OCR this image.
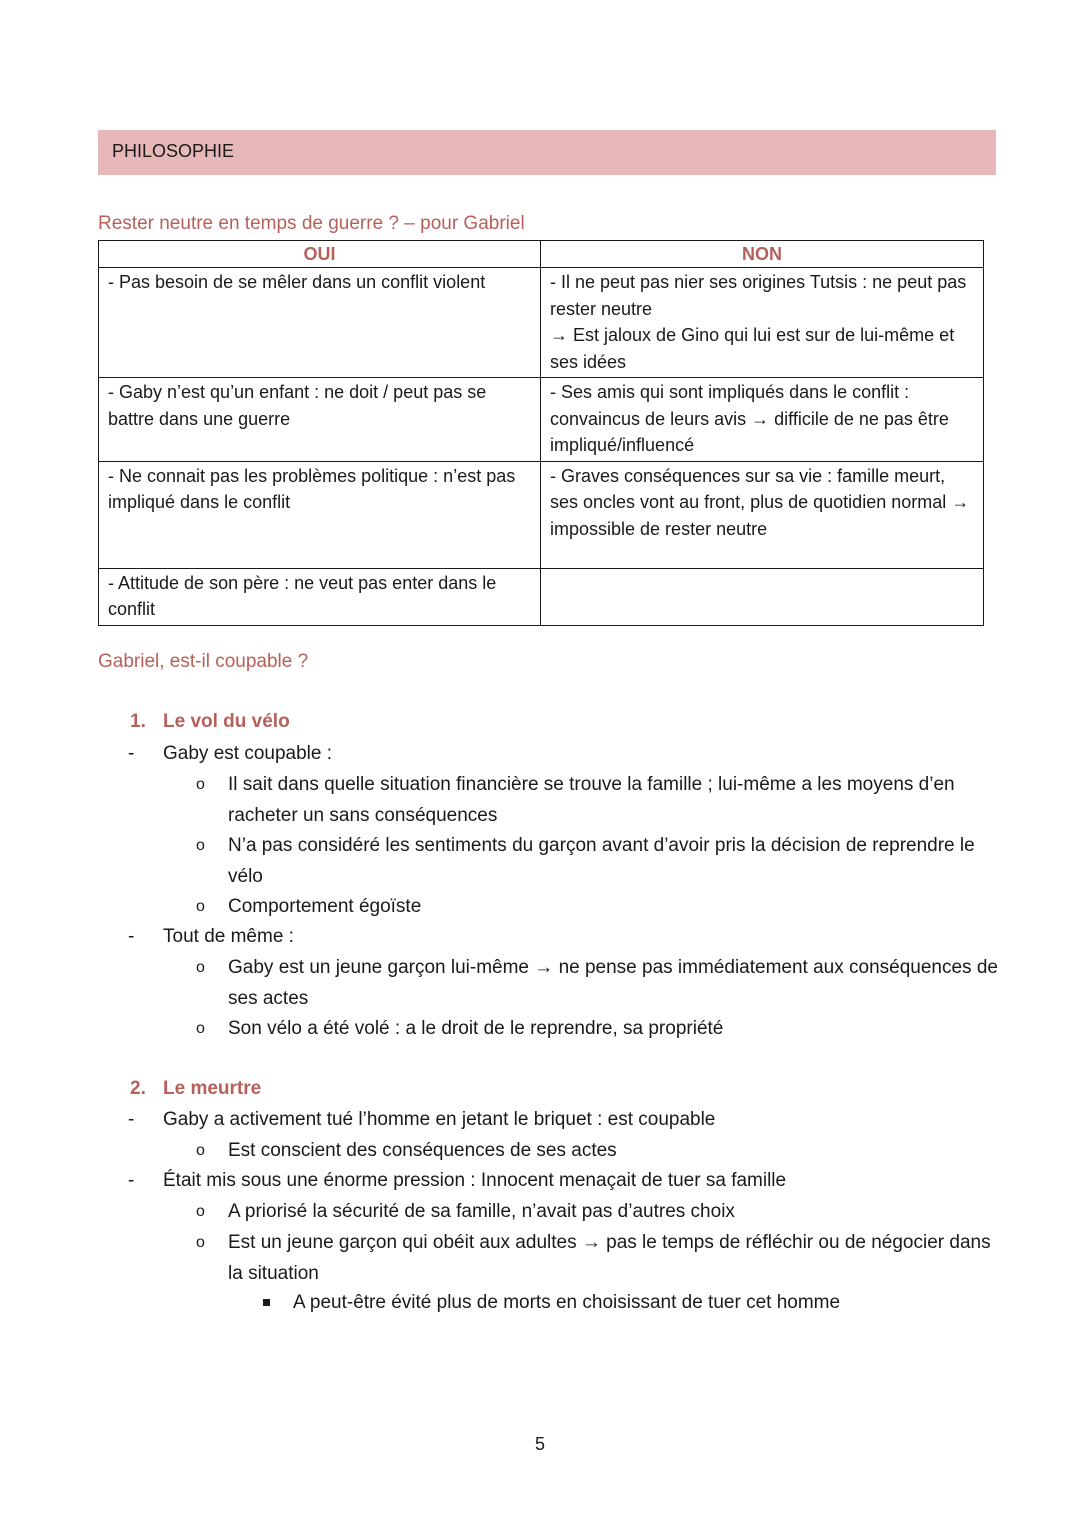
PHILOSOPHIE
Rester neutre en temps de guerre ? – pour Gabriel
OUI	NON
- Pas besoin de se mêler dans un conflit violent	- Il ne peut pas nier ses origines Tutsis : ne peut pas rester neutre
→ Est jaloux de Gino qui lui est sur de lui-même et ses idées
- Gaby n’est qu’un enfant : ne doit / peut pas se battre dans une guerre	- Ses amis qui sont impliqués dans le conflit : convaincus de leurs avis → difficile de ne pas être impliqué/influencé
- Ne connait pas les problèmes politique : n’est pas impliqué dans le conflit	- Graves conséquences sur sa vie : famille meurt, ses oncles vont au front, plus de quotidien normal → impossible de rester neutre
- Attitude de son père : ne veut pas enter dans le conflit	
Gabriel, est-il coupable ?
1. Le vol du vélo
- Gaby est coupable :
o Il sait dans quelle situation financière se trouve la famille ; lui-même a les moyens d’en racheter un sans conséquences
o N’a pas considéré les sentiments du garçon avant d’avoir pris la décision de reprendre le vélo
o Comportement égoïste
- Tout de même :
o Gaby est un jeune garçon lui-même → ne pense pas immédiatement aux conséquences de ses actes
o Son vélo a été volé : a le droit de le reprendre, sa propriété
2. Le meurtre
- Gaby a activement tué l’homme en jetant le briquet : est coupable
o Est conscient des conséquences de ses actes
- Était mis sous une énorme pression : Innocent menaçait de tuer sa famille
o A priorisé la sécurité de sa famille, n’avait pas d’autres choix
o Est un jeune garçon qui obéit aux adultes → pas le temps de réfléchir ou de négocier dans la situation
A peut-être évité plus de morts en choisissant de tuer cet homme
5
